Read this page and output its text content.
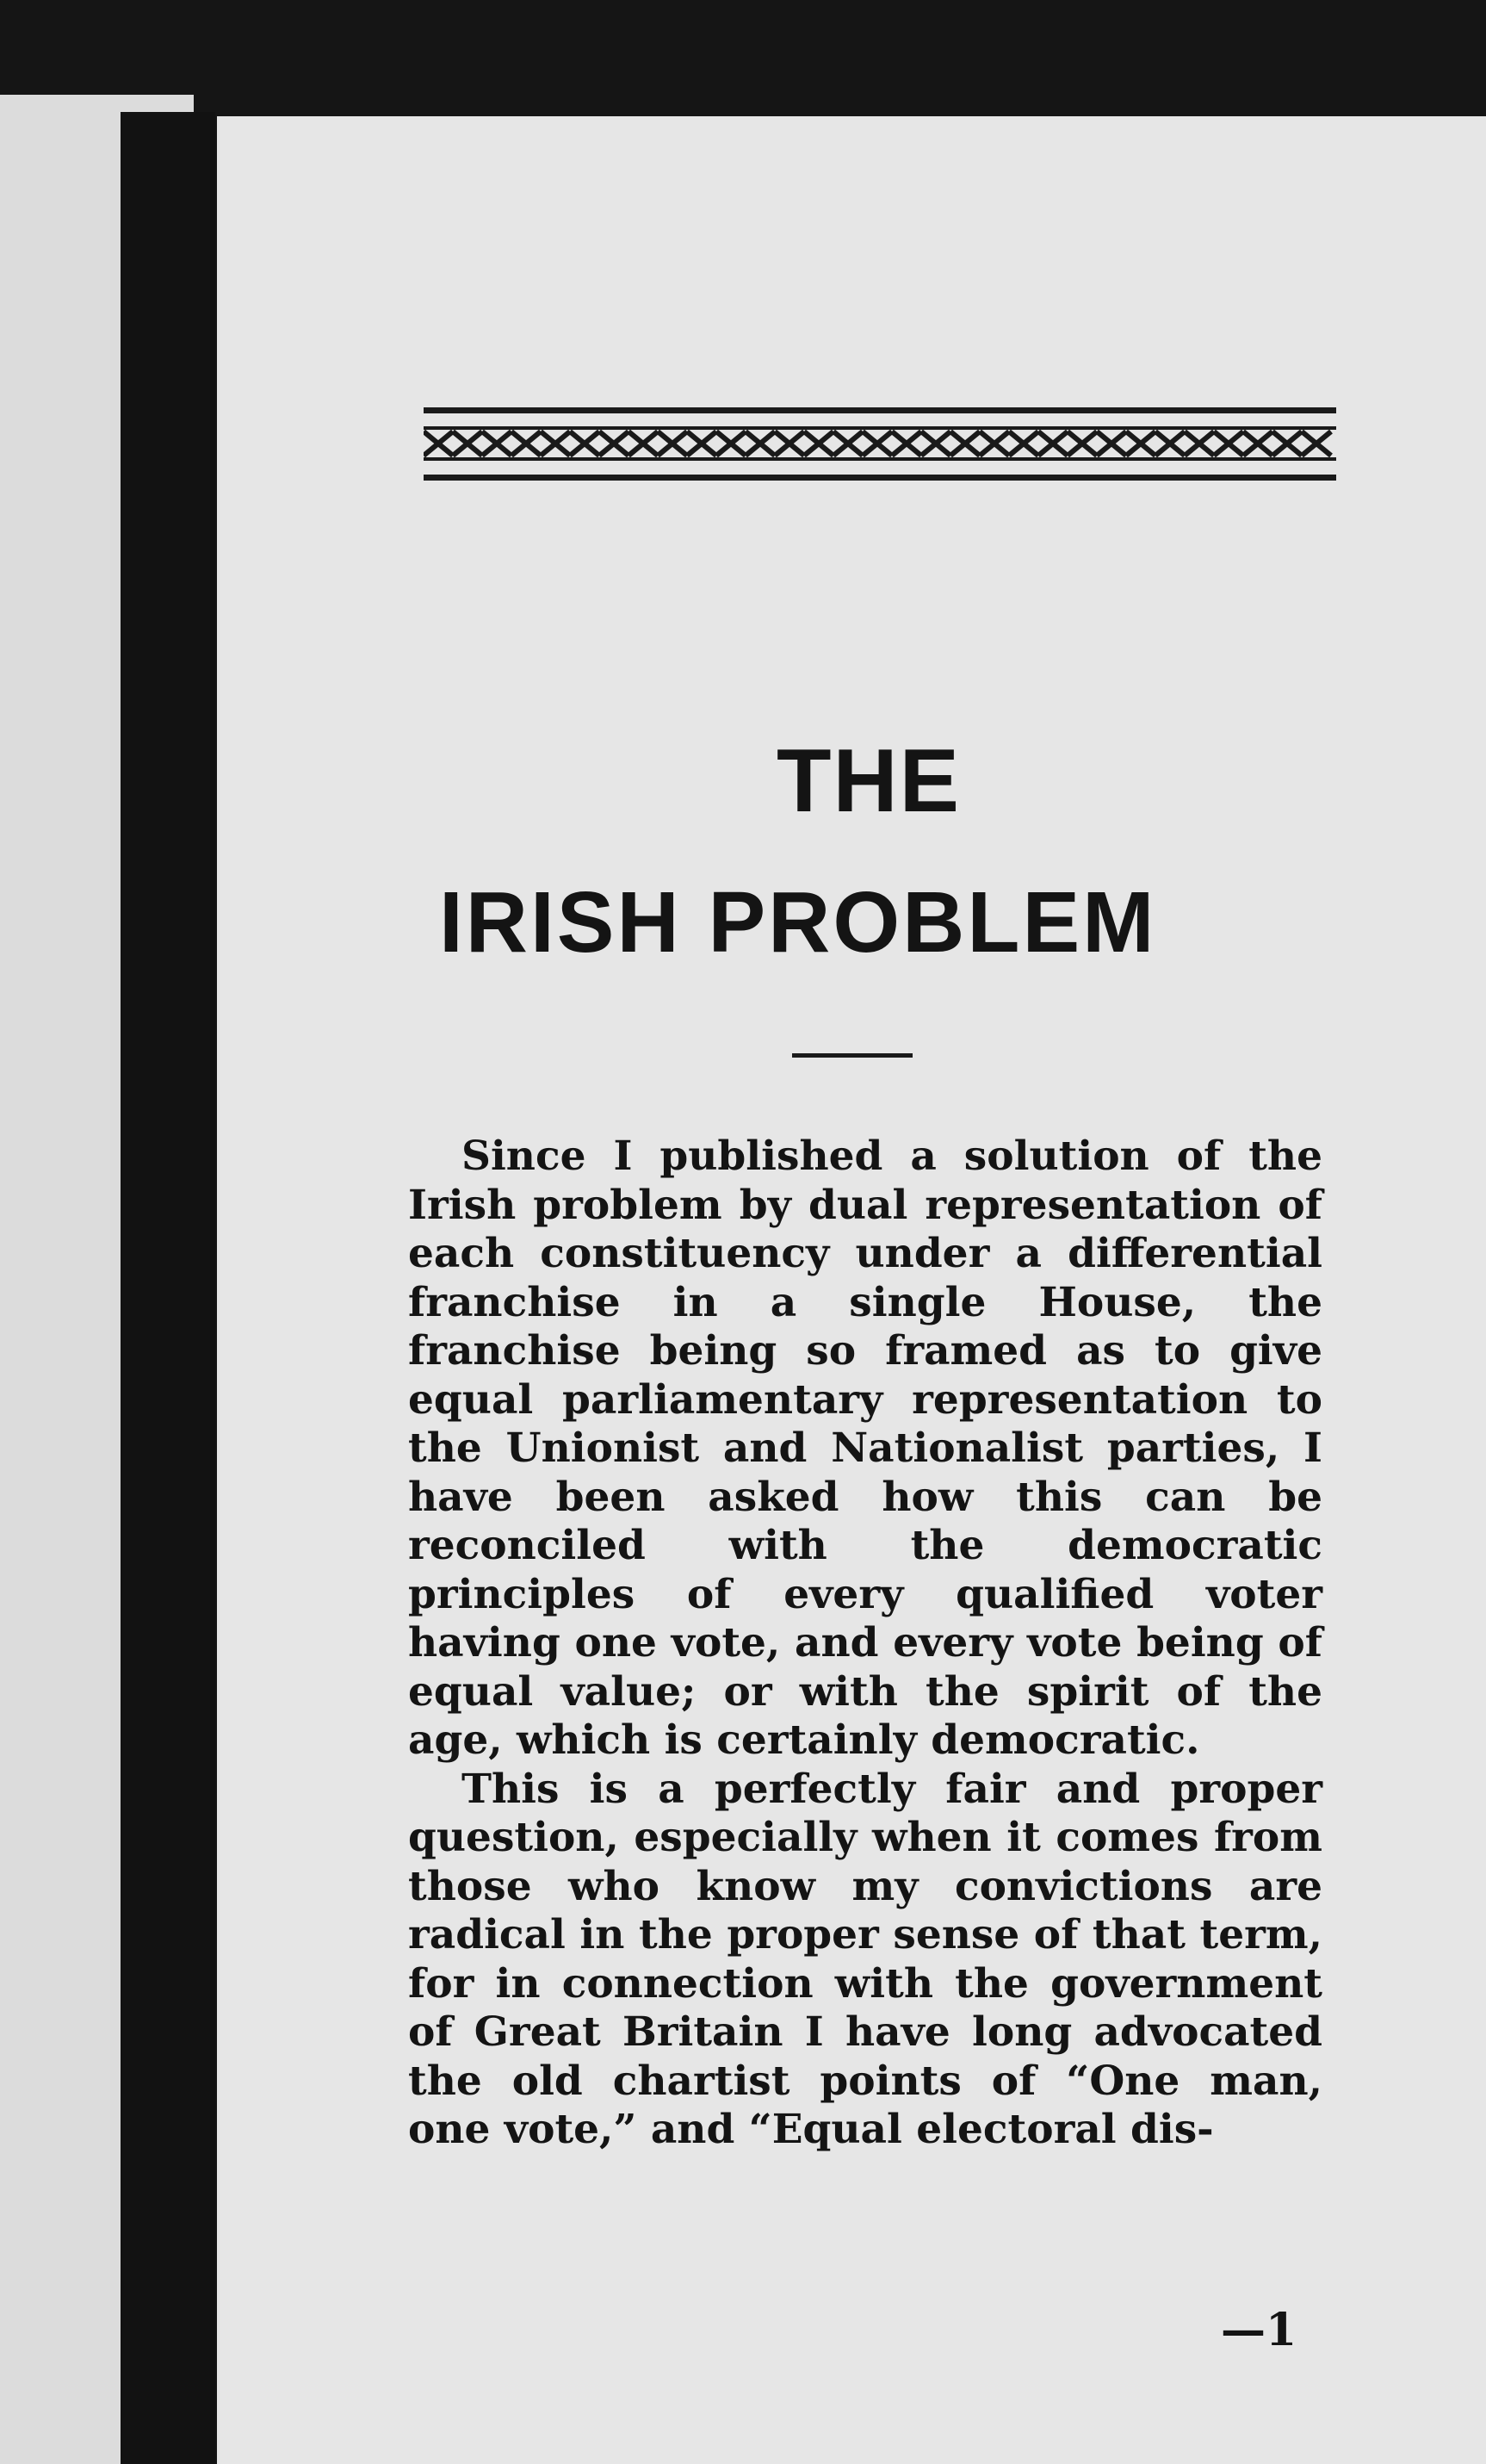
THE
IRISH PROBLEM

Since I published a solution of the Irish problem by dual representation of each constituency under a differential franchise in a single House, the franchise being so framed as to give equal parliamentary representation to the Unionist and Nationalist parties, I have been asked how this can be reconciled with the democratic principles of every qualified voter having one vote, and every vote being of equal value; or with the spirit of the age, which is certainly democratic.

This is a perfectly fair and proper question, especially when it comes from those who know my convictions are radical in the proper sense of that term, for in connection with the government of Great Britain I have long advocated the old chartist points of “One man, one vote,” and “Equal electoral dis-

—1
